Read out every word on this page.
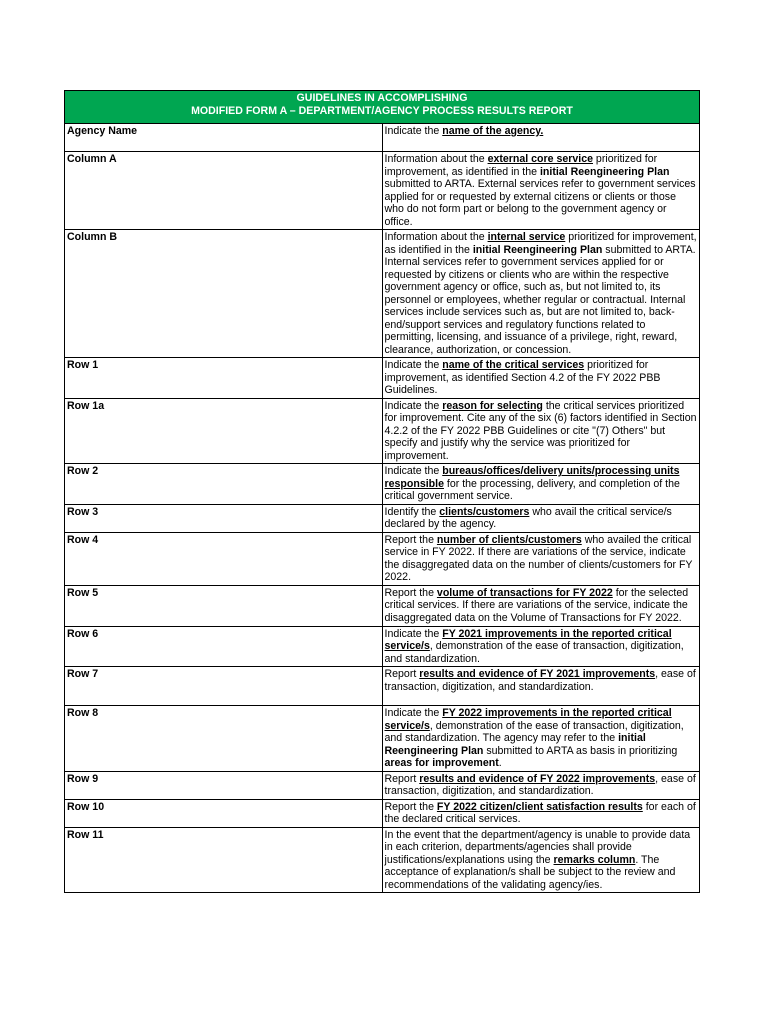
GUIDELINES IN ACCOMPLISHING
MODIFIED FORM A – DEPARTMENT/AGENCY PROCESS RESULTS REPORT	

Agency Name	Indicate the name of the agency.
Column A	Information about the external core service prioritized for improvement, as identified in the initial Reengineering Plan submitted to ARTA. External services refer to government services applied for or requested by external citizens or clients or those who do not form part or belong to the government agency or office.
Column B	Information about the internal service prioritized for improvement, as identified in the initial Reengineering Plan submitted to ARTA. Internal services refer to government services applied for or requested by citizens or clients who are within the respective government agency or office, such as, but not limited to, its personnel or employees, whether regular or contractual. Internal services include services such as, but are not limited to, back-end/support services and regulatory functions related to permitting, licensing, and issuance of a privilege, right, reward, clearance, authorization, or concession.
Row 1	Indicate the name of the critical services prioritized for improvement, as identified Section 4.2 of the FY 2022 PBB Guidelines.
Row 1a	Indicate the reason for selecting the critical services prioritized for improvement. Cite any of the six (6) factors identified in Section 4.2.2 of the FY 2022 PBB Guidelines or cite "(7) Others" but specify and justify why the service was prioritized for improvement.
Row 2	Indicate the bureaus/offices/delivery units/processing units responsible for the processing, delivery, and completion of the critical government service.
Row 3	Identify the clients/customers who avail the critical service/s declared by the agency.
Row 4	Report the number of clients/customers who availed the critical service in FY 2022. If there are variations of the service, indicate the disaggregated data on the number of clients/customers for FY 2022.
Row 5	Report the volume of transactions for FY 2022 for the selected critical services. If there are variations of the service, indicate the disaggregated data on the Volume of Transactions for FY 2022.
Row 6	Indicate the FY 2021 improvements in the reported critical service/s, demonstration of the ease of transaction, digitization, and standardization.
Row 7	Report results and evidence of FY 2021 improvements, ease of transaction, digitization, and standardization.
Row 8	Indicate the FY 2022 improvements in the reported critical service/s, demonstration of the ease of transaction, digitization, and standardization. The agency may refer to the initial Reengineering Plan submitted to ARTA as basis in prioritizing areas for improvement.
Row 9	Report results and evidence of FY 2022 improvements, ease of transaction, digitization, and standardization.
Row 10	Report the FY 2022 citizen/client satisfaction results for each of the declared critical services.
Row 11	In the event that the department/agency is unable to provide data in each criterion, departments/agencies shall provide justifications/explanations using the remarks column. The acceptance of explanation/s shall be subject to the review and recommendations of the validating agency/ies.
